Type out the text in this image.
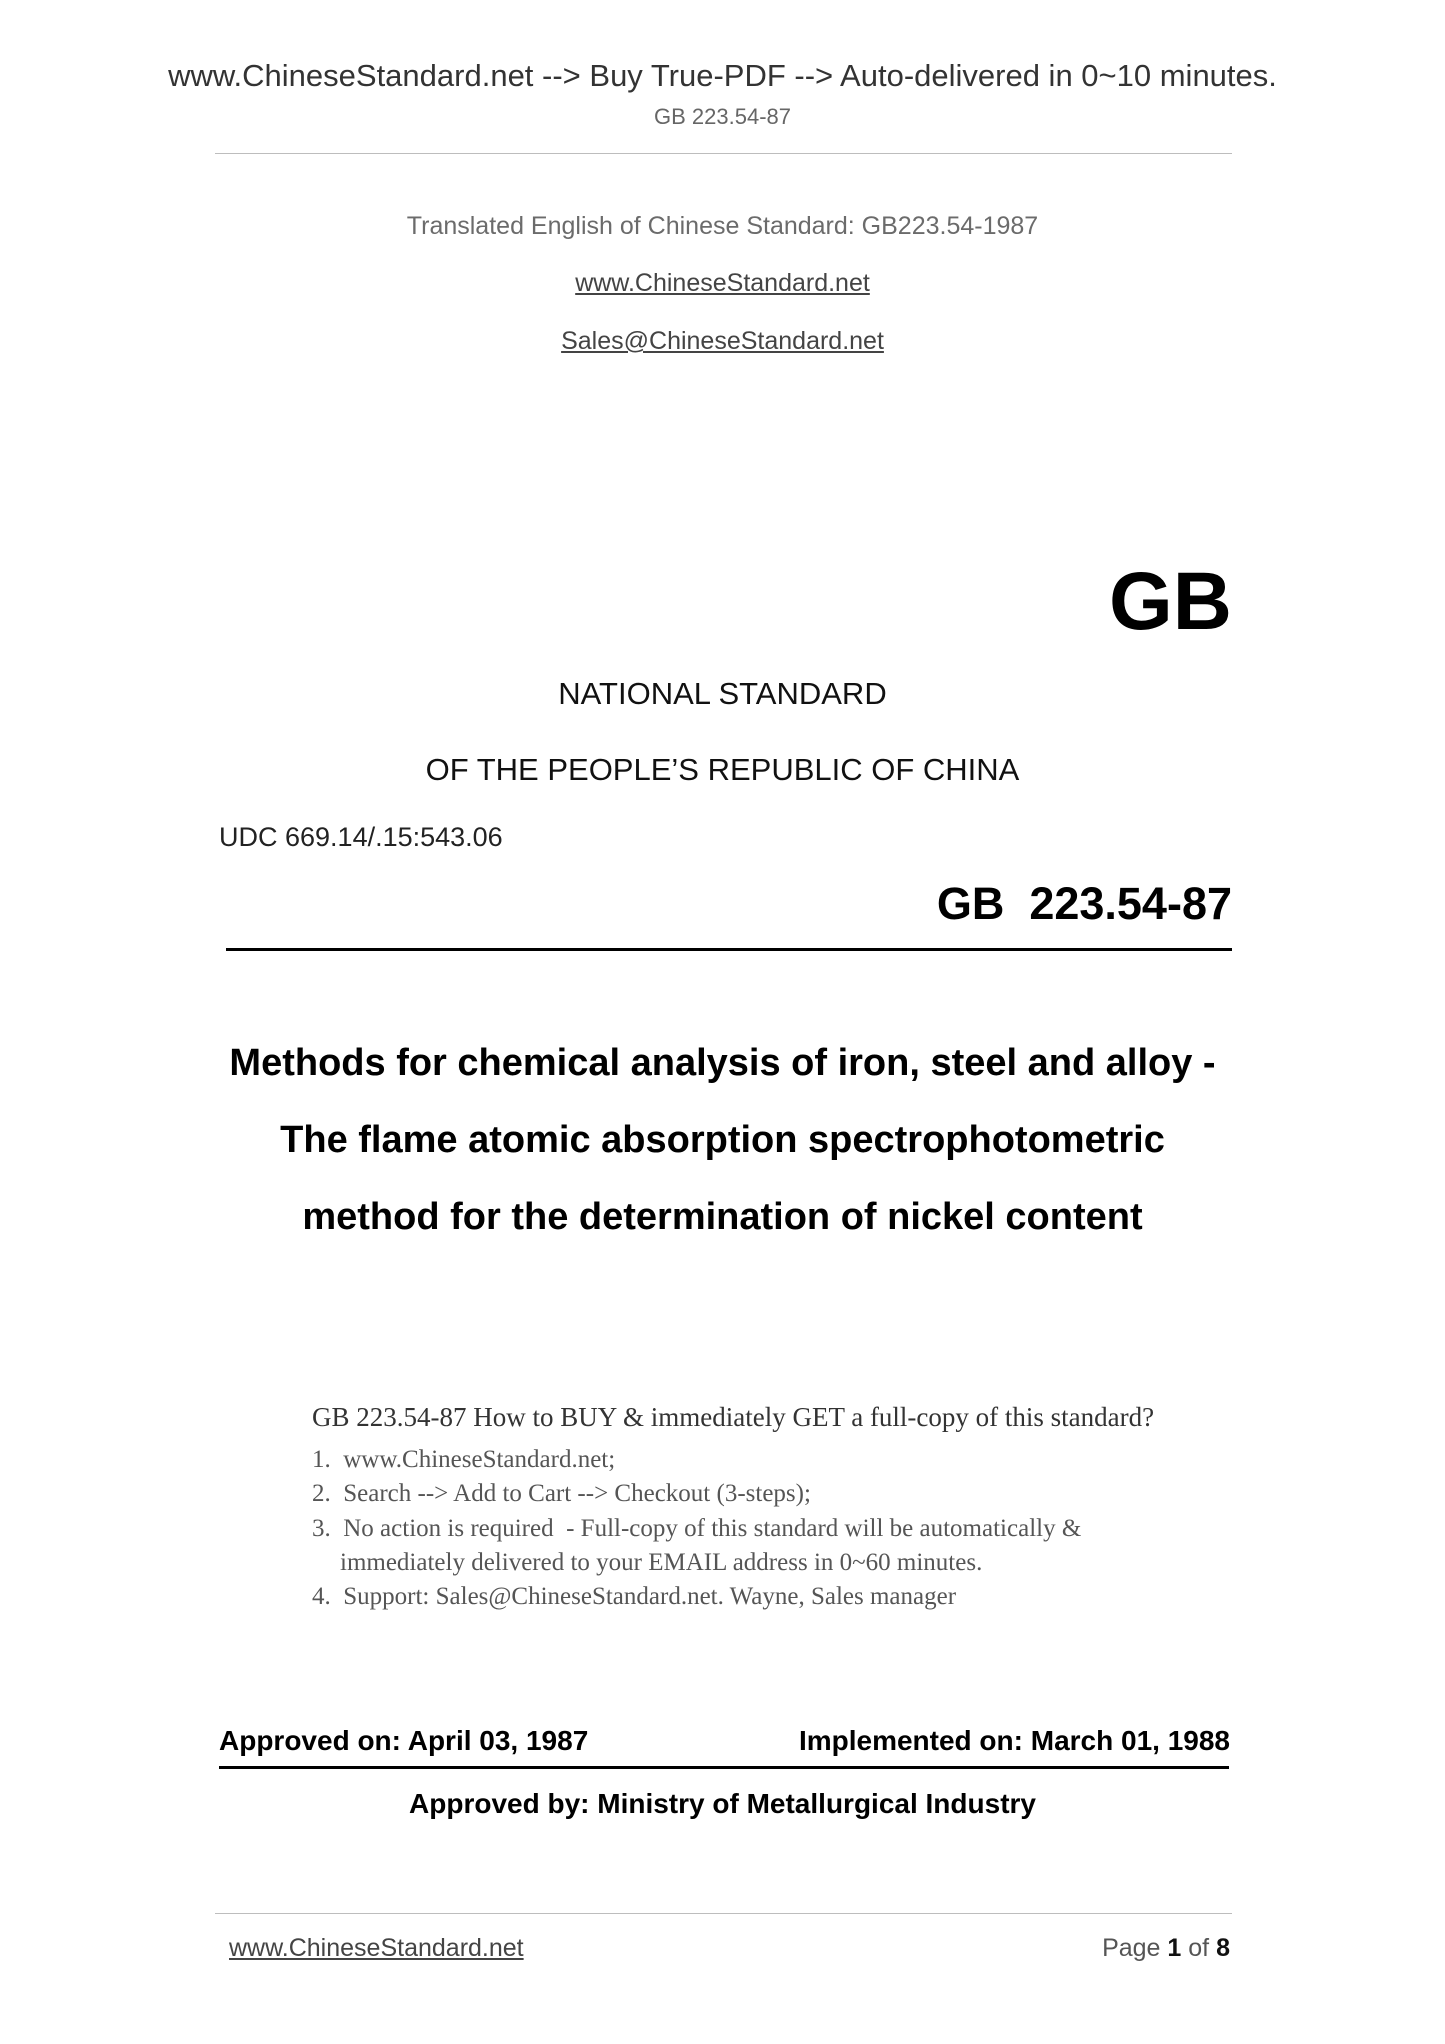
www.ChineseStandard.net --> Buy True-PDF --> Auto-delivered in 0~10 minutes.
GB 223.54-87
Translated English of Chinese Standard: GB223.54-1987
www.ChineseStandard.net
Sales@ChineseStandard.net
GB
NATIONAL STANDARD
OF THE PEOPLE’S REPUBLIC OF CHINA
UDC 669.14/.15:543.06
GB  223.54-87
Methods for chemical analysis of iron, steel and alloy -
The flame atomic absorption spectrophotometric
method for the determination of nickel content
GB 223.54-87 How to BUY & immediately GET a full-copy of this standard?
1.  www.ChineseStandard.net;
2.  Search --> Add to Cart --> Checkout (3-steps);
3.  No action is required  - Full-copy of this standard will be automatically &
immediately delivered to your EMAIL address in 0~60 minutes.
4.  Support: Sales@ChineseStandard.net. Wayne, Sales manager
Approved on: April 03, 1987	Implemented on: March 01, 1988
Approved by: Ministry of Metallurgical Industry
www.ChineseStandard.net	Page 1 of 8
